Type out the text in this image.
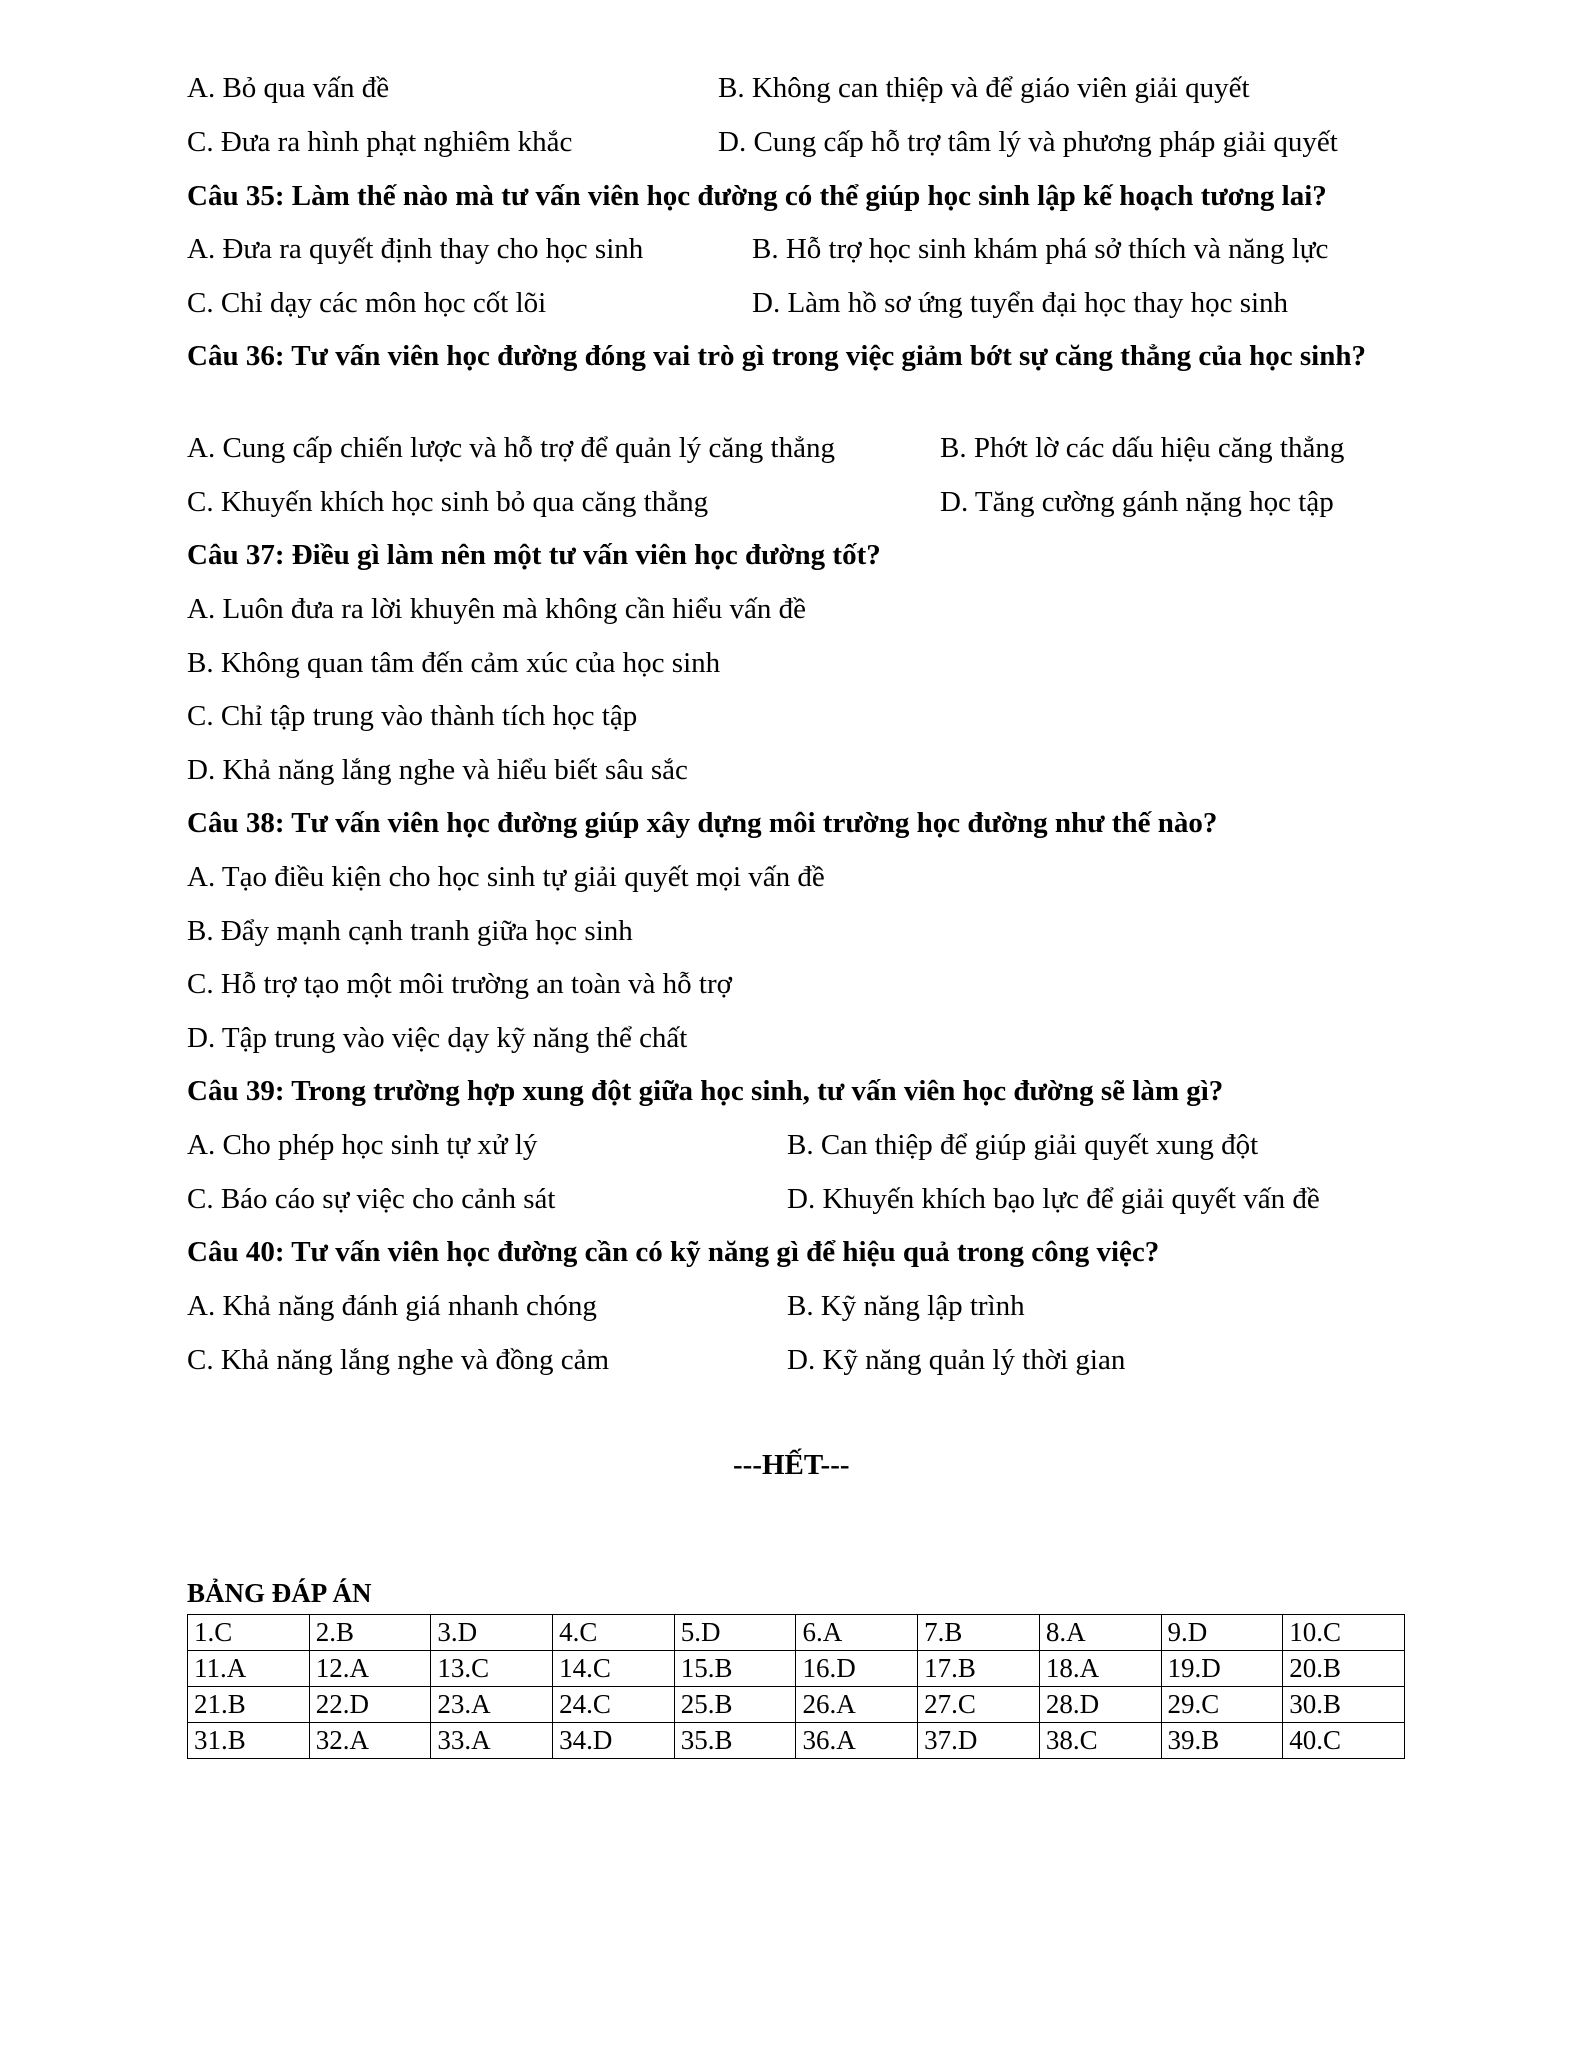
A. Bỏ qua vấn đề	B. Không can thiệp và để giáo viên giải quyết
C. Đưa ra hình phạt nghiêm khắc	D. Cung cấp hỗ trợ tâm lý và phương pháp giải quyết
Câu 35: Làm thế nào mà tư vấn viên học đường có thể giúp học sinh lập kế hoạch tương lai?
A. Đưa ra quyết định thay cho học sinh	B. Hỗ trợ học sinh khám phá sở thích và năng lực
C. Chỉ dạy các môn học cốt lõi	D. Làm hồ sơ ứng tuyển đại học thay học sinh
Câu 36: Tư vấn viên học đường đóng vai trò gì trong việc giảm bớt sự căng thẳng của học sinh?
A. Cung cấp chiến lược và hỗ trợ để quản lý căng thẳng	B. Phớt lờ các dấu hiệu căng thẳng
C. Khuyến khích học sinh bỏ qua căng thẳng	D. Tăng cường gánh nặng học tập
Câu 37: Điều gì làm nên một tư vấn viên học đường tốt?
A. Luôn đưa ra lời khuyên mà không cần hiểu vấn đề
B. Không quan tâm đến cảm xúc của học sinh
C. Chỉ tập trung vào thành tích học tập
D. Khả năng lắng nghe và hiểu biết sâu sắc
Câu 38: Tư vấn viên học đường giúp xây dựng môi trường học đường như thế nào?
A. Tạo điều kiện cho học sinh tự giải quyết mọi vấn đề
B. Đẩy mạnh cạnh tranh giữa học sinh
C. Hỗ trợ tạo một môi trường an toàn và hỗ trợ
D. Tập trung vào việc dạy kỹ năng thể chất
Câu 39: Trong trường hợp xung đột giữa học sinh, tư vấn viên học đường sẽ làm gì?
A. Cho phép học sinh tự xử lý	B. Can thiệp để giúp giải quyết xung đột
C. Báo cáo sự việc cho cảnh sát	D. Khuyến khích bạo lực để giải quyết vấn đề
Câu 40: Tư vấn viên học đường cần có kỹ năng gì để hiệu quả trong công việc?
A. Khả năng đánh giá nhanh chóng	B. Kỹ năng lập trình
C. Khả năng lắng nghe và đồng cảm	D. Kỹ năng quản lý thời gian
---HẾT---
BẢNG ĐÁP ÁN
1.C	2.B	3.D	4.C	5.D	6.A	7.B	8.A	9.D	10.C
11.A	12.A	13.C	14.C	15.B	16.D	17.B	18.A	19.D	20.B
21.B	22.D	23.A	24.C	25.B	26.A	27.C	28.D	29.C	30.B
31.B	32.A	33.A	34.D	35.B	36.A	37.D	38.C	39.B	40.C
